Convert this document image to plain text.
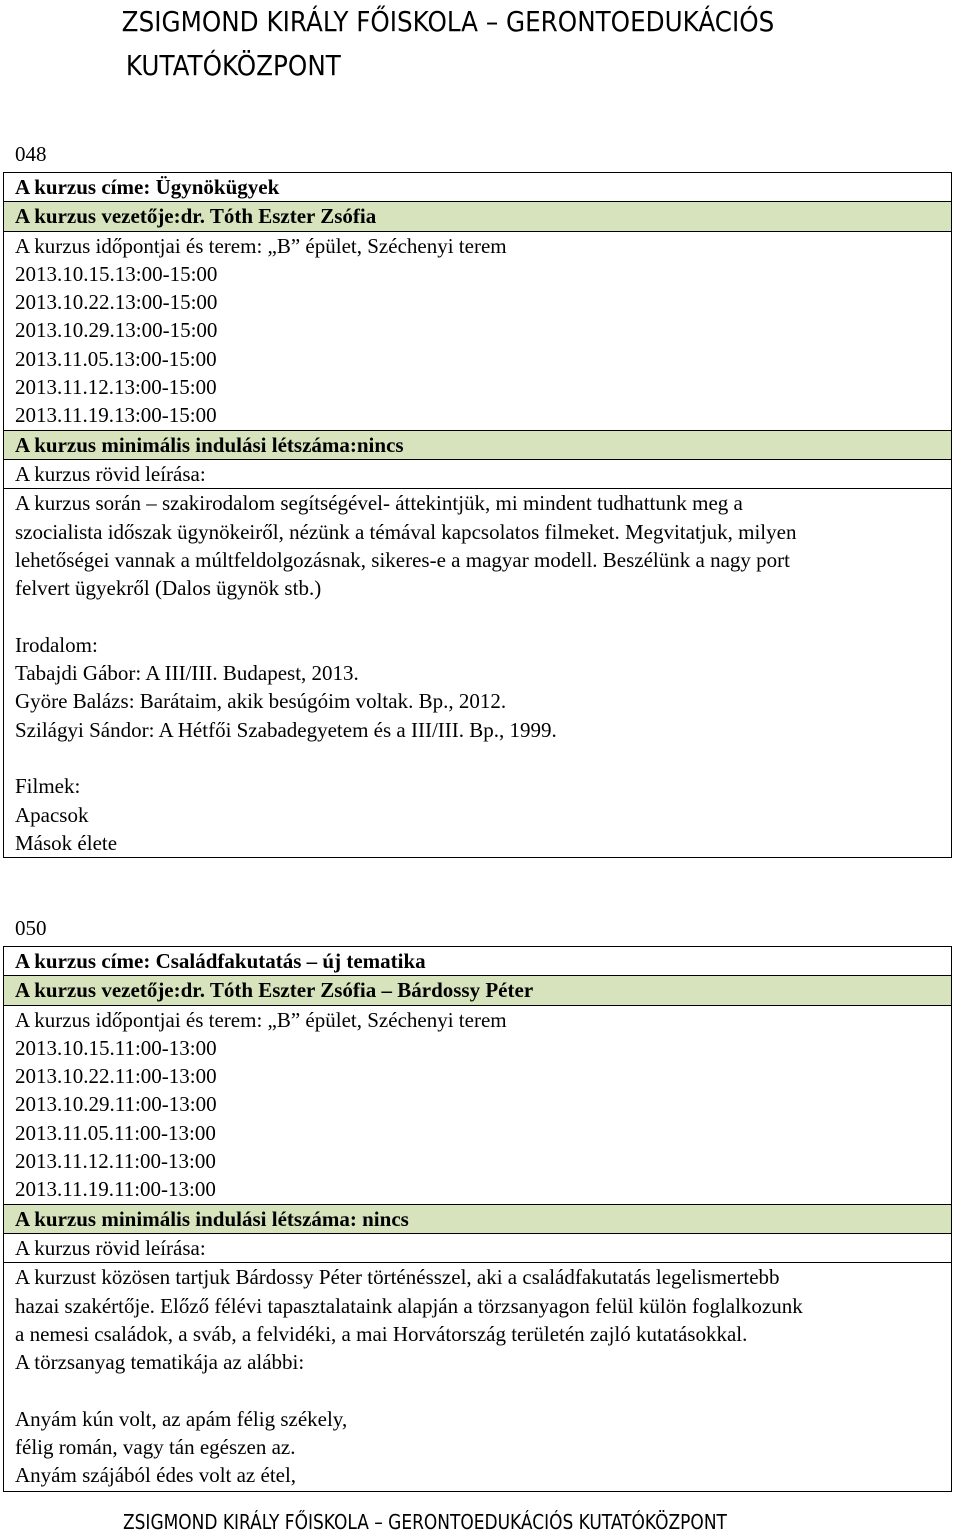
ZSIGMOND KIRÁLY FŐISKOLA – GERONTOEDUKÁCIÓS

KUTATÓKÖZPONT
048
A kurzus címe: Ügynökügyek
A kurzus vezetője:dr. Tóth Eszter Zsófia
A kurzus időpontjai és terem: „B” épület, Széchenyi terem
2013.10.15.13:00-15:00
2013.10.22.13:00-15:00
2013.10.29.13:00-15:00
2013.11.05.13:00-15:00
2013.11.12.13:00-15:00
2013.11.19.13:00-15:00
A kurzus minimális indulási létszáma:nincs
A kurzus rövid leírása:
A kurzus során – szakirodalom segítségével- áttekintjük, mi mindent tudhattunk meg a
szocialista időszak ügynökeiről, nézünk a témával kapcsolatos filmeket. Megvitatjuk, milyen
lehetőségei vannak a múltfeldolgozásnak, sikeres-e a magyar modell. Beszélünk a nagy port
felvert ügyekről (Dalos ügynök stb.)
Irodalom:
Tabajdi Gábor: A III/III. Budapest, 2013.
Györe Balázs: Barátaim, akik besúgóim voltak. Bp., 2012.
Szilágyi Sándor: A Hétfői Szabadegyetem és a III/III. Bp., 1999.
Filmek:
Apacsok
Mások élete
050
A kurzus címe: Családfakutatás – új tematika
A kurzus vezetője:dr. Tóth Eszter Zsófia – Bárdossy Péter
A kurzus időpontjai és terem: „B” épület, Széchenyi terem
2013.10.15.11:00-13:00
2013.10.22.11:00-13:00
2013.10.29.11:00-13:00
2013.11.05.11:00-13:00
2013.11.12.11:00-13:00
2013.11.19.11:00-13:00
A kurzus minimális indulási létszáma: nincs
A kurzus rövid leírása:
A kurzust közösen tartjuk Bárdossy Péter történésszel, aki a családfakutatás legelismertebb
hazai szakértője. Előző félévi tapasztalataink alapján a törzsanyagon felül külön foglalkozunk
a nemesi családok, a sváb, a felvidéki, a mai Horvátország területén zajló kutatásokkal.
A törzsanyag tematikája az alábbi:
Anyám kún volt, az apám félig székely,
félig román, vagy tán egészen az.
Anyám szájából édes volt az étel,
ZSIGMOND KIRÁLY FŐISKOLA – GERONTOEDUKÁCIÓS KUTATÓKÖZPONT
